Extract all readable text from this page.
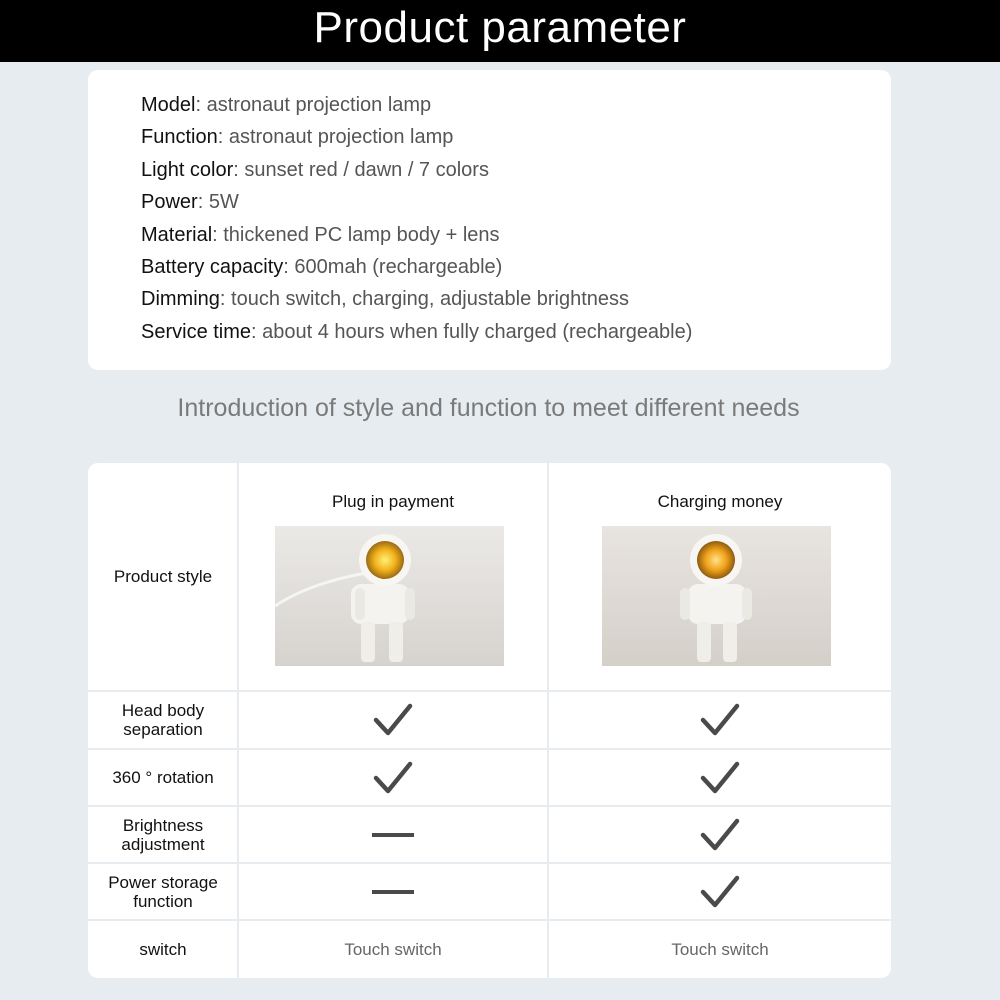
Product parameter
Model: astronaut projection lamp
Function: astronaut projection lamp
Light color: sunset red / dawn / 7 colors
Power: 5W
Material: thickened PC lamp body + lens
Battery capacity: 600mah (rechargeable)
Dimming: touch switch, charging, adjustable brightness
Service time: about 4 hours when fully charged (rechargeable)
Introduction of style and function to meet different needs
Product style
Head body separation
360 ° rotation
Brightness adjustment
Power storage function
switch
Plug in payment	Charging money
Touch switch	Touch switch
